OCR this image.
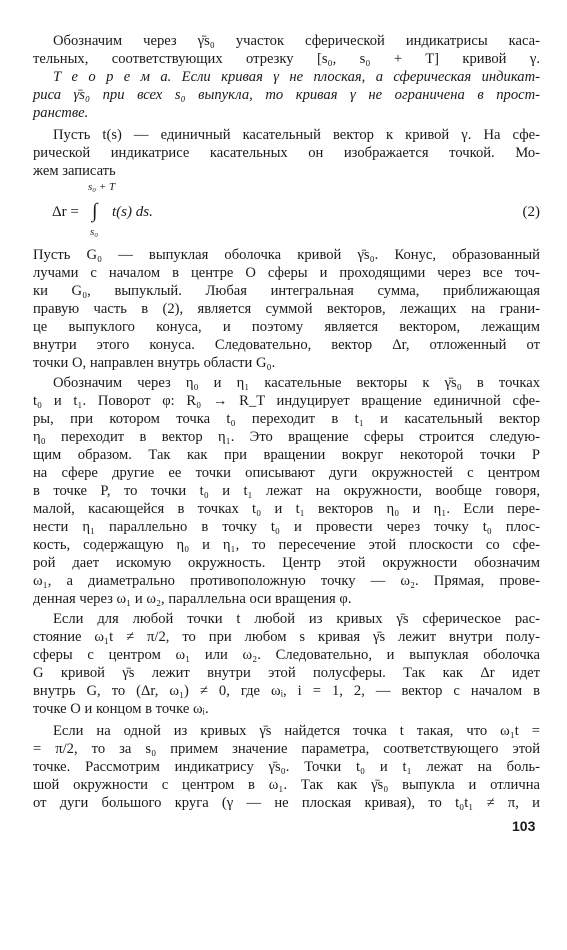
Обозначим через γ̄s₀ участок сферической индикатрисы каса-
тельных, соответствующих отрезку [s₀, s₀ + T] кривой γ.
Т е о р е м а. Если кривая γ не плоская, а сферическая индикат-
риса γ̄s₀ при всех s₀ выпукла, то кривая γ не ограничена в прост-
ранстве.
Пусть t(s) — единичный касательный вектор к кривой γ. На сфе-
рической индикатрисе касательных он изображается точкой. Мо-
жем записать
s₀ + T
Δr = ∫ t(s) ds.
s₀
(2)
Пусть G₀ — выпуклая оболочка кривой γ̄s₀. Конус, образованный
лучами с началом в центре O сферы и проходящими через все точ-
ки G₀, выпуклый. Любая интегральная сумма, приближающая
правую часть в (2), является суммой векторов, лежащих на грани-
це выпуклого конуса, и поэтому является вектором, лежащим
внутри этого конуса. Следовательно, вектор Δr, отложенный от
точки O, направлен внутрь области G₀.
Обозначим через η₀ и η₁ касательные векторы к γ̄s₀ в точках
t₀ и t₁. Поворот φ: R₀ → R_T индуцирует вращение единичной сфе-
ры, при котором точка t₀ переходит в t₁ и касательный вектор
η₀ переходит в вектор η₁. Это вращение сферы строится следую-
щим образом. Так как при вращении вокруг некоторой точки P
на сфере другие ее точки описывают дуги окружностей с центром
в точке P, то точки t₀ и t₁ лежат на окружности, вообще говоря,
малой, касающейся в точках t₀ и t₁ векторов η₀ и η₁. Если пере-
нести η₁ параллельно в точку t₀ и провести через точку t₀ плос-
кость, содержащую η₀ и η₁, то пересечение этой плоскости со сфе-
рой дает искомую окружность. Центр этой окружности обозначим
ω₁, а диаметрально противоположную точку — ω₂. Прямая, прове-
денная через ω₁ и ω₂, параллельна оси вращения φ.
Если для любой точки t любой из кривых γ̄s сферическое рас-
стояние ω₁t ≠ π/2, то при любом s кривая γ̄s лежит внутри полу-
сферы с центром ω₁ или ω₂. Следовательно, и выпуклая оболочка
G кривой γ̄s лежит внутри этой полусферы. Так как Δr идет
внутрь G, то (Δr, ω₁) ≠ 0, где ωᵢ, i = 1, 2, — вектор с началом в
точке O и концом в точке ωᵢ.
Если на одной из кривых γ̄s найдется точка t такая, что ω₁t =
= π/2, то за s₀ примем значение параметра, соответствующего этой
точке. Рассмотрим индикатрису γ̄s₀. Точки t₀ и t₁ лежат на боль-
шой окружности с центром в ω₁. Так как γ̄s₀ выпукла и отлична
от дуги большого круга (γ — не плоская кривая), то t₀t₁ ≠ π, и
103
